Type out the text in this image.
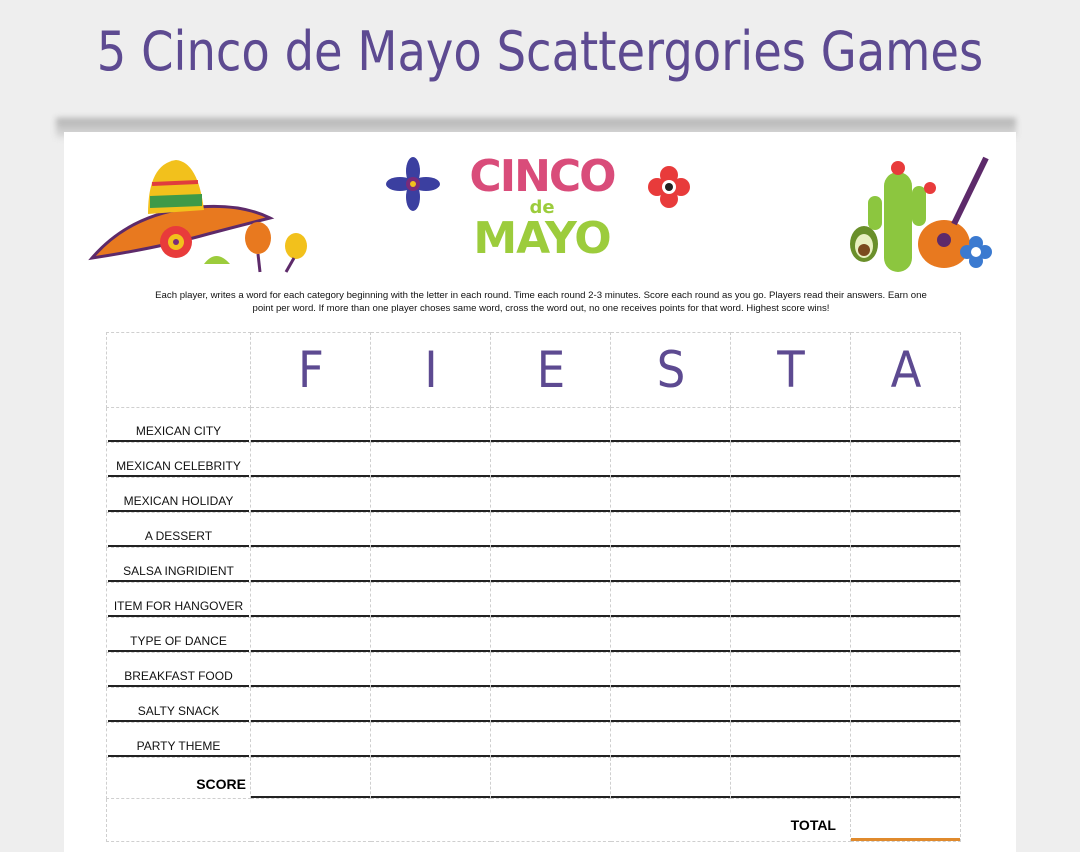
5 Cinco de Mayo Scattergories Games
CINCO
de
MAYO
Each player, writes a word for each category beginning with the letter in each round. Time each round 2-3 minutes. Score each round as you go. Players read their answers. Earn one point per word. If more than one player choses same word, cross the word out, no one receives points for that word. Highest score wins!
	F	I	E	S	T	A

MEXICAN CITY						

MEXICAN CELEBRITY						

MEXICAN HOLIDAY						

A DESSERT						

SALSA INGRIDIENT						

ITEM FOR HANGOVER						

TYPE OF DANCE						

BREAKFAST FOOD						

SALTY SNACK						

PARTY THEME						

SCORE	

TOTAL						
